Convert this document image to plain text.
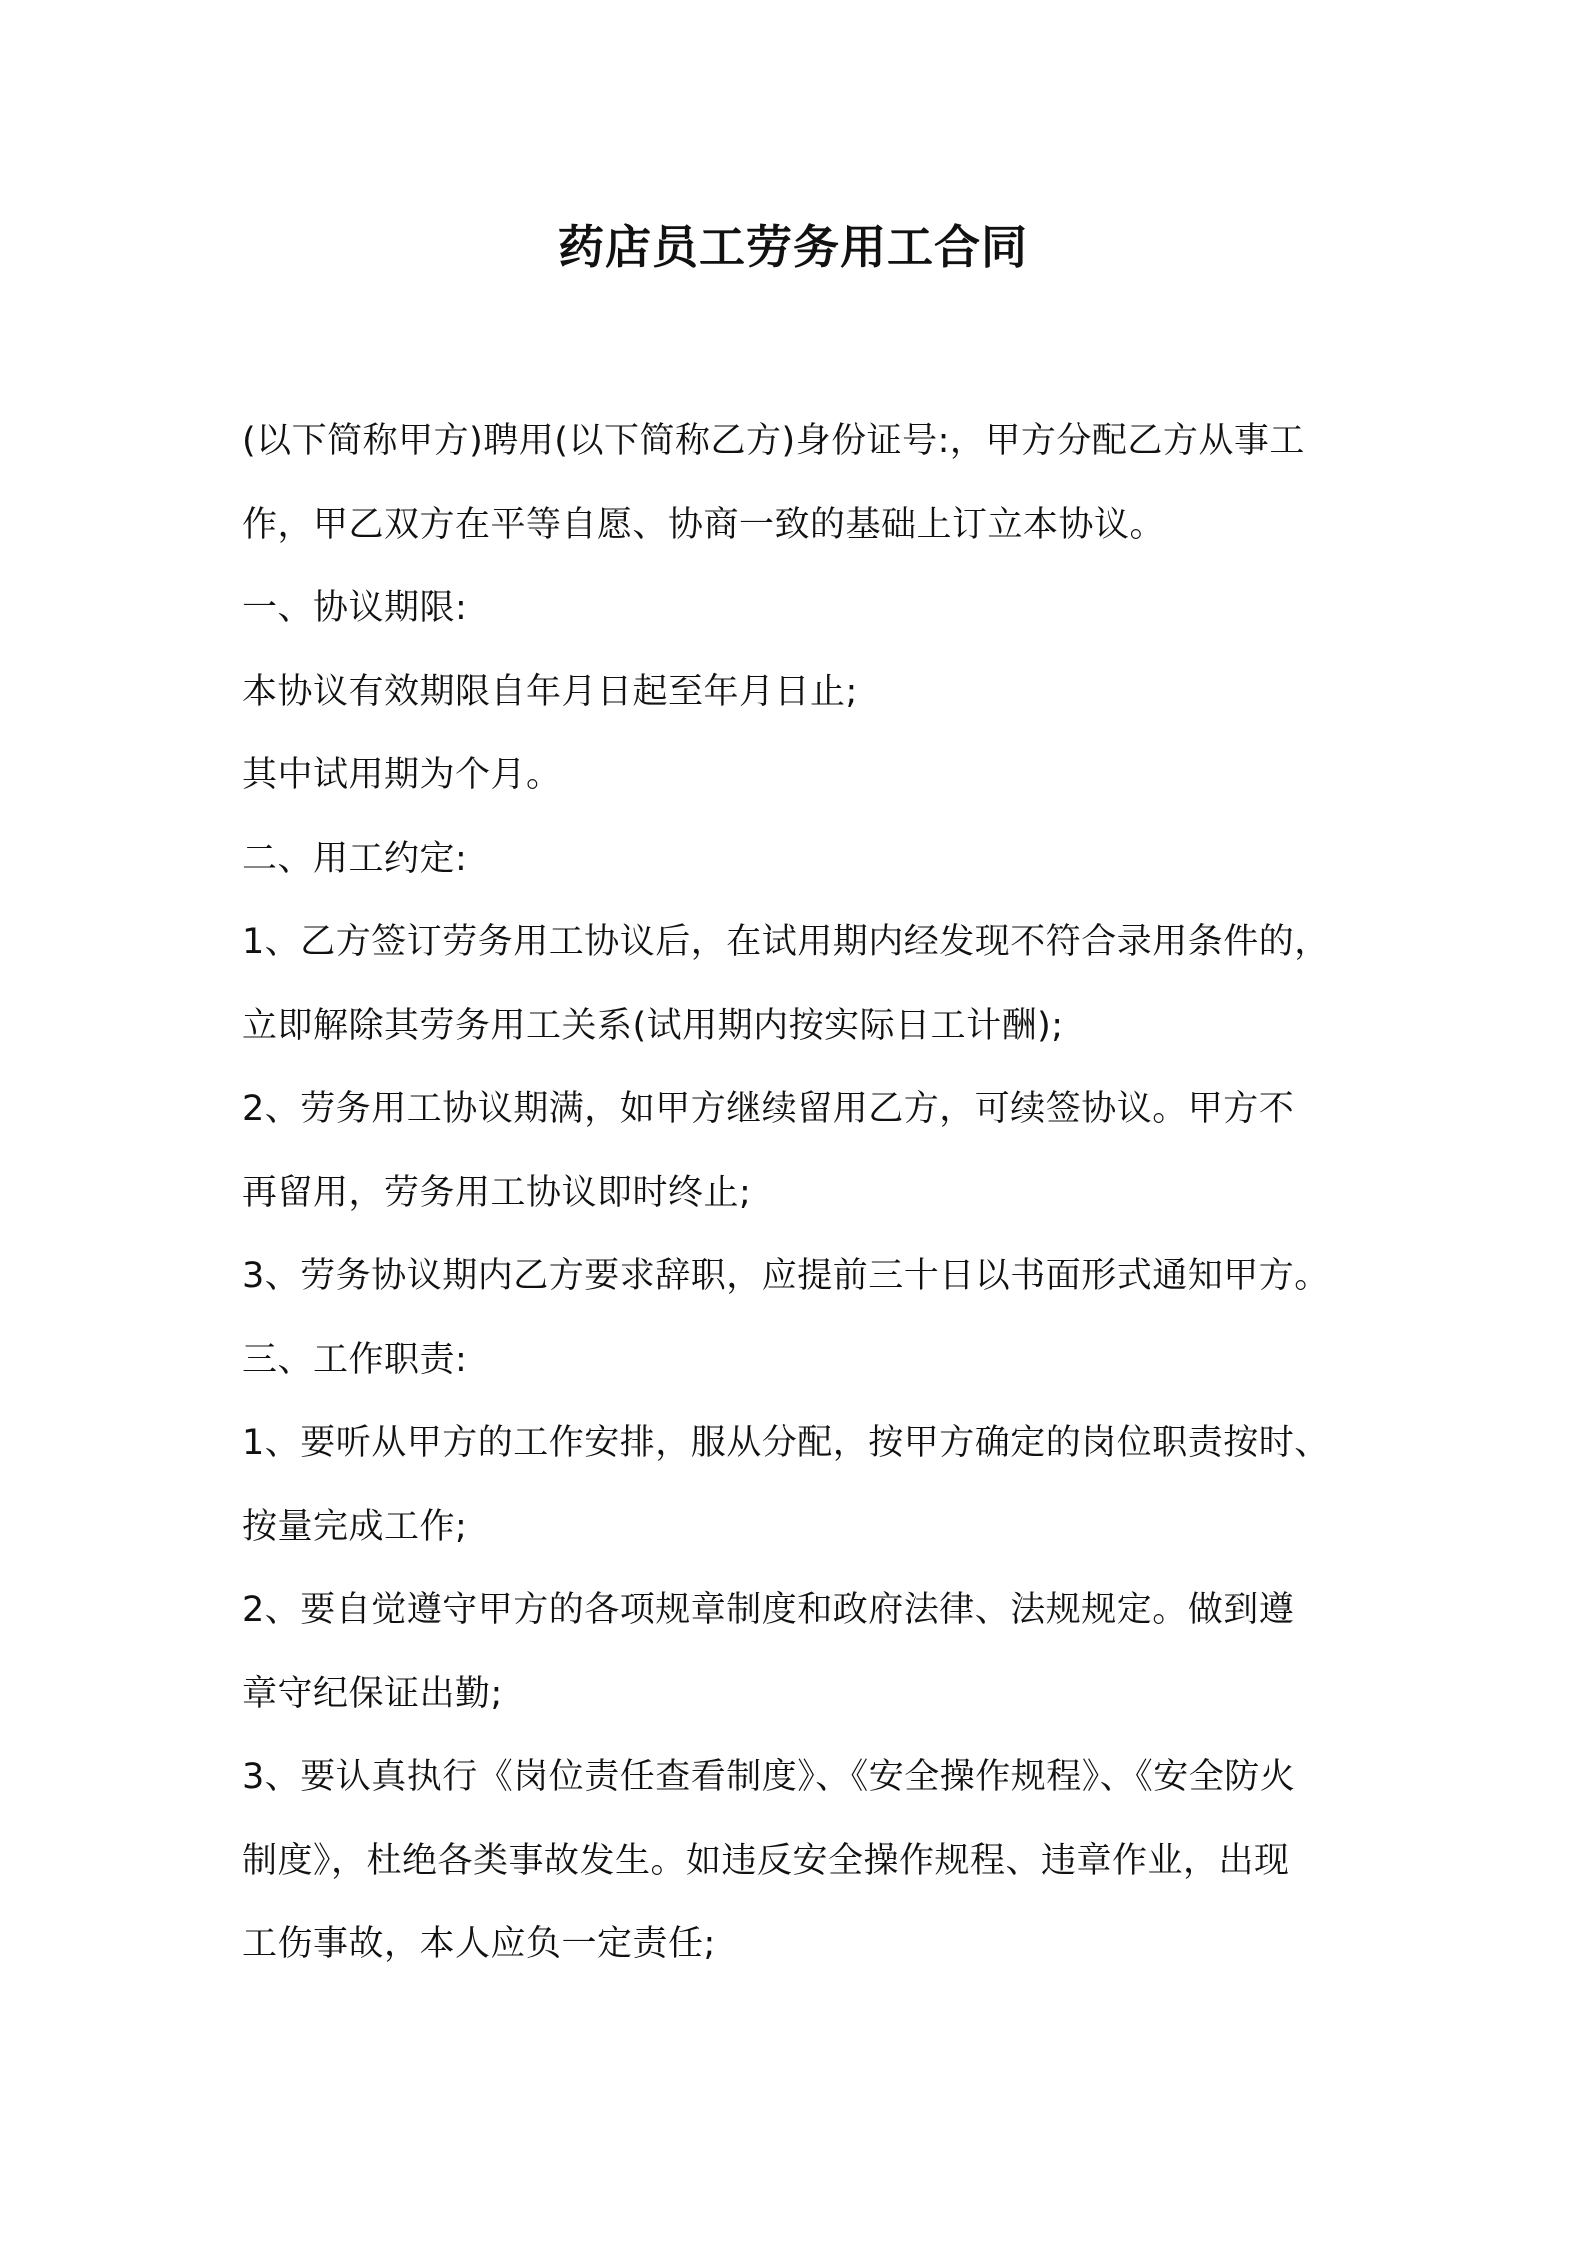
药店员工劳务用工合同
(以下简称甲方)聘用(以下简称乙方)身份证号:，甲方分配乙方从事工
作，甲乙双方在平等自愿、协商一致的基础上订立本协议。
一、协议期限:
本协议有效期限自年月日起至年月日止;
其中试用期为个月。
二、用工约定:
1、乙方签订劳务用工协议后，在试用期内经发现不符合录用条件的，
立即解除其劳务用工关系(试用期内按实际日工计酬);
2、劳务用工协议期满，如甲方继续留用乙方，可续签协议。甲方不
再留用，劳务用工协议即时终止;
3、劳务协议期内乙方要求辞职，应提前三十日以书面形式通知甲方。
三、工作职责:
1、要听从甲方的工作安排，服从分配，按甲方确定的岗位职责按时、
按量完成工作;
2、要自觉遵守甲方的各项规章制度和政府法律、法规规定。做到遵
章守纪保证出勤;
3、要认真执行《岗位责任查看制度》、《安全操作规程》、《安全防火
制度》，杜绝各类事故发生。如违反安全操作规程、违章作业，出现
工伤事故，本人应负一定责任;
